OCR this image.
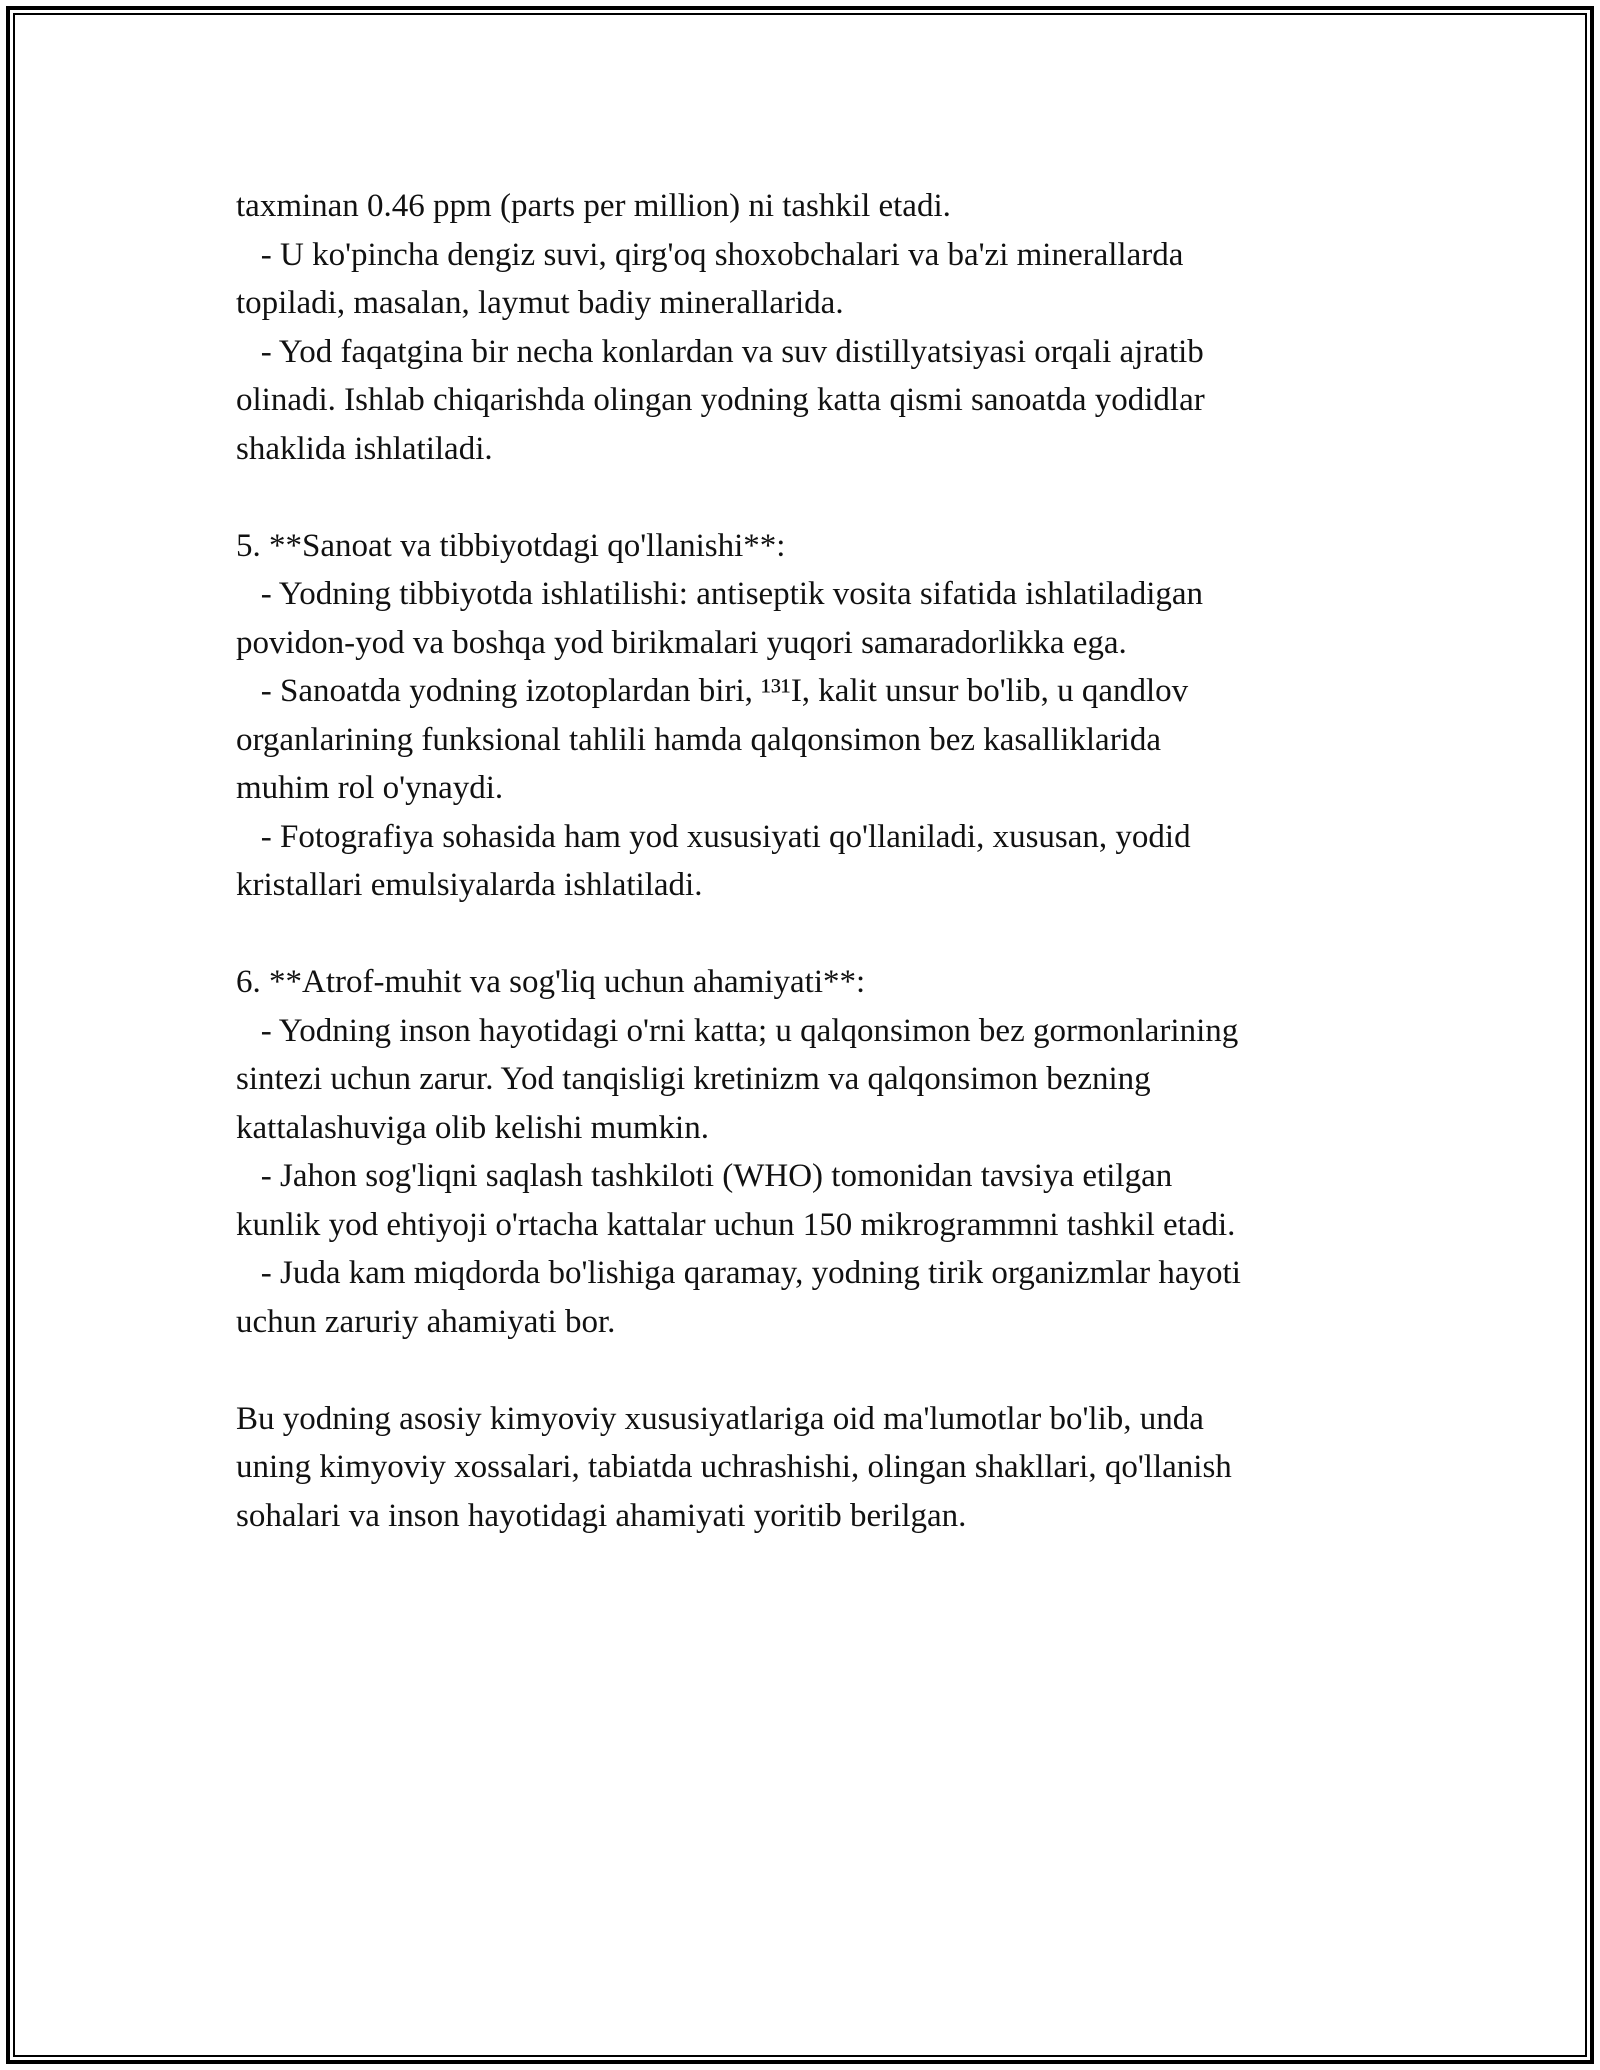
taxminan 0.46 ppm (parts per million) ni tashkil etadi.
- U ko'pincha dengiz suvi, qirg'oq shoxobchalari va ba'zi minerallarda
topiladi, masalan, laymut badiy minerallarida.
- Yod faqatgina bir necha konlardan va suv distillyatsiyasi orqali ajratib
olinadi. Ishlab chiqarishda olingan yodning katta qismi sanoatda yodidlar
shaklida ishlatiladi.
5. **Sanoat va tibbiyotdagi qo'llanishi**:
- Yodning tibbiyotda ishlatilishi: antiseptik vosita sifatida ishlatiladigan
povidon-yod va boshqa yod birikmalari yuqori samaradorlikka ega.
- Sanoatda yodning izotoplardan biri, ¹³¹I, kalit unsur bo'lib, u qandlov
organlarining funksional tahlili hamda qalqonsimon bez kasalliklarida
muhim rol o'ynaydi.
- Fotografiya sohasida ham yod xususiyati qo'llaniladi, xususan, yodid
kristallari emulsiyalarda ishlatiladi.
6. **Atrof-muhit va sog'liq uchun ahamiyati**:
- Yodning inson hayotidagi o'rni katta; u qalqonsimon bez gormonlarining
sintezi uchun zarur. Yod tanqisligi kretinizm va qalqonsimon bezning
kattalashuviga olib kelishi mumkin.
- Jahon sog'liqni saqlash tashkiloti (WHO) tomonidan tavsiya etilgan
kunlik yod ehtiyoji o'rtacha kattalar uchun 150 mikrogrammni tashkil etadi.
- Juda kam miqdorda bo'lishiga qaramay, yodning tirik organizmlar hayoti
uchun zaruriy ahamiyati bor.
Bu yodning asosiy kimyoviy xususiyatlariga oid ma'lumotlar bo'lib, unda
uning kimyoviy xossalari, tabiatda uchrashishi, olingan shakllari, qo'llanish
sohalari va inson hayotidagi ahamiyati yoritib berilgan.
